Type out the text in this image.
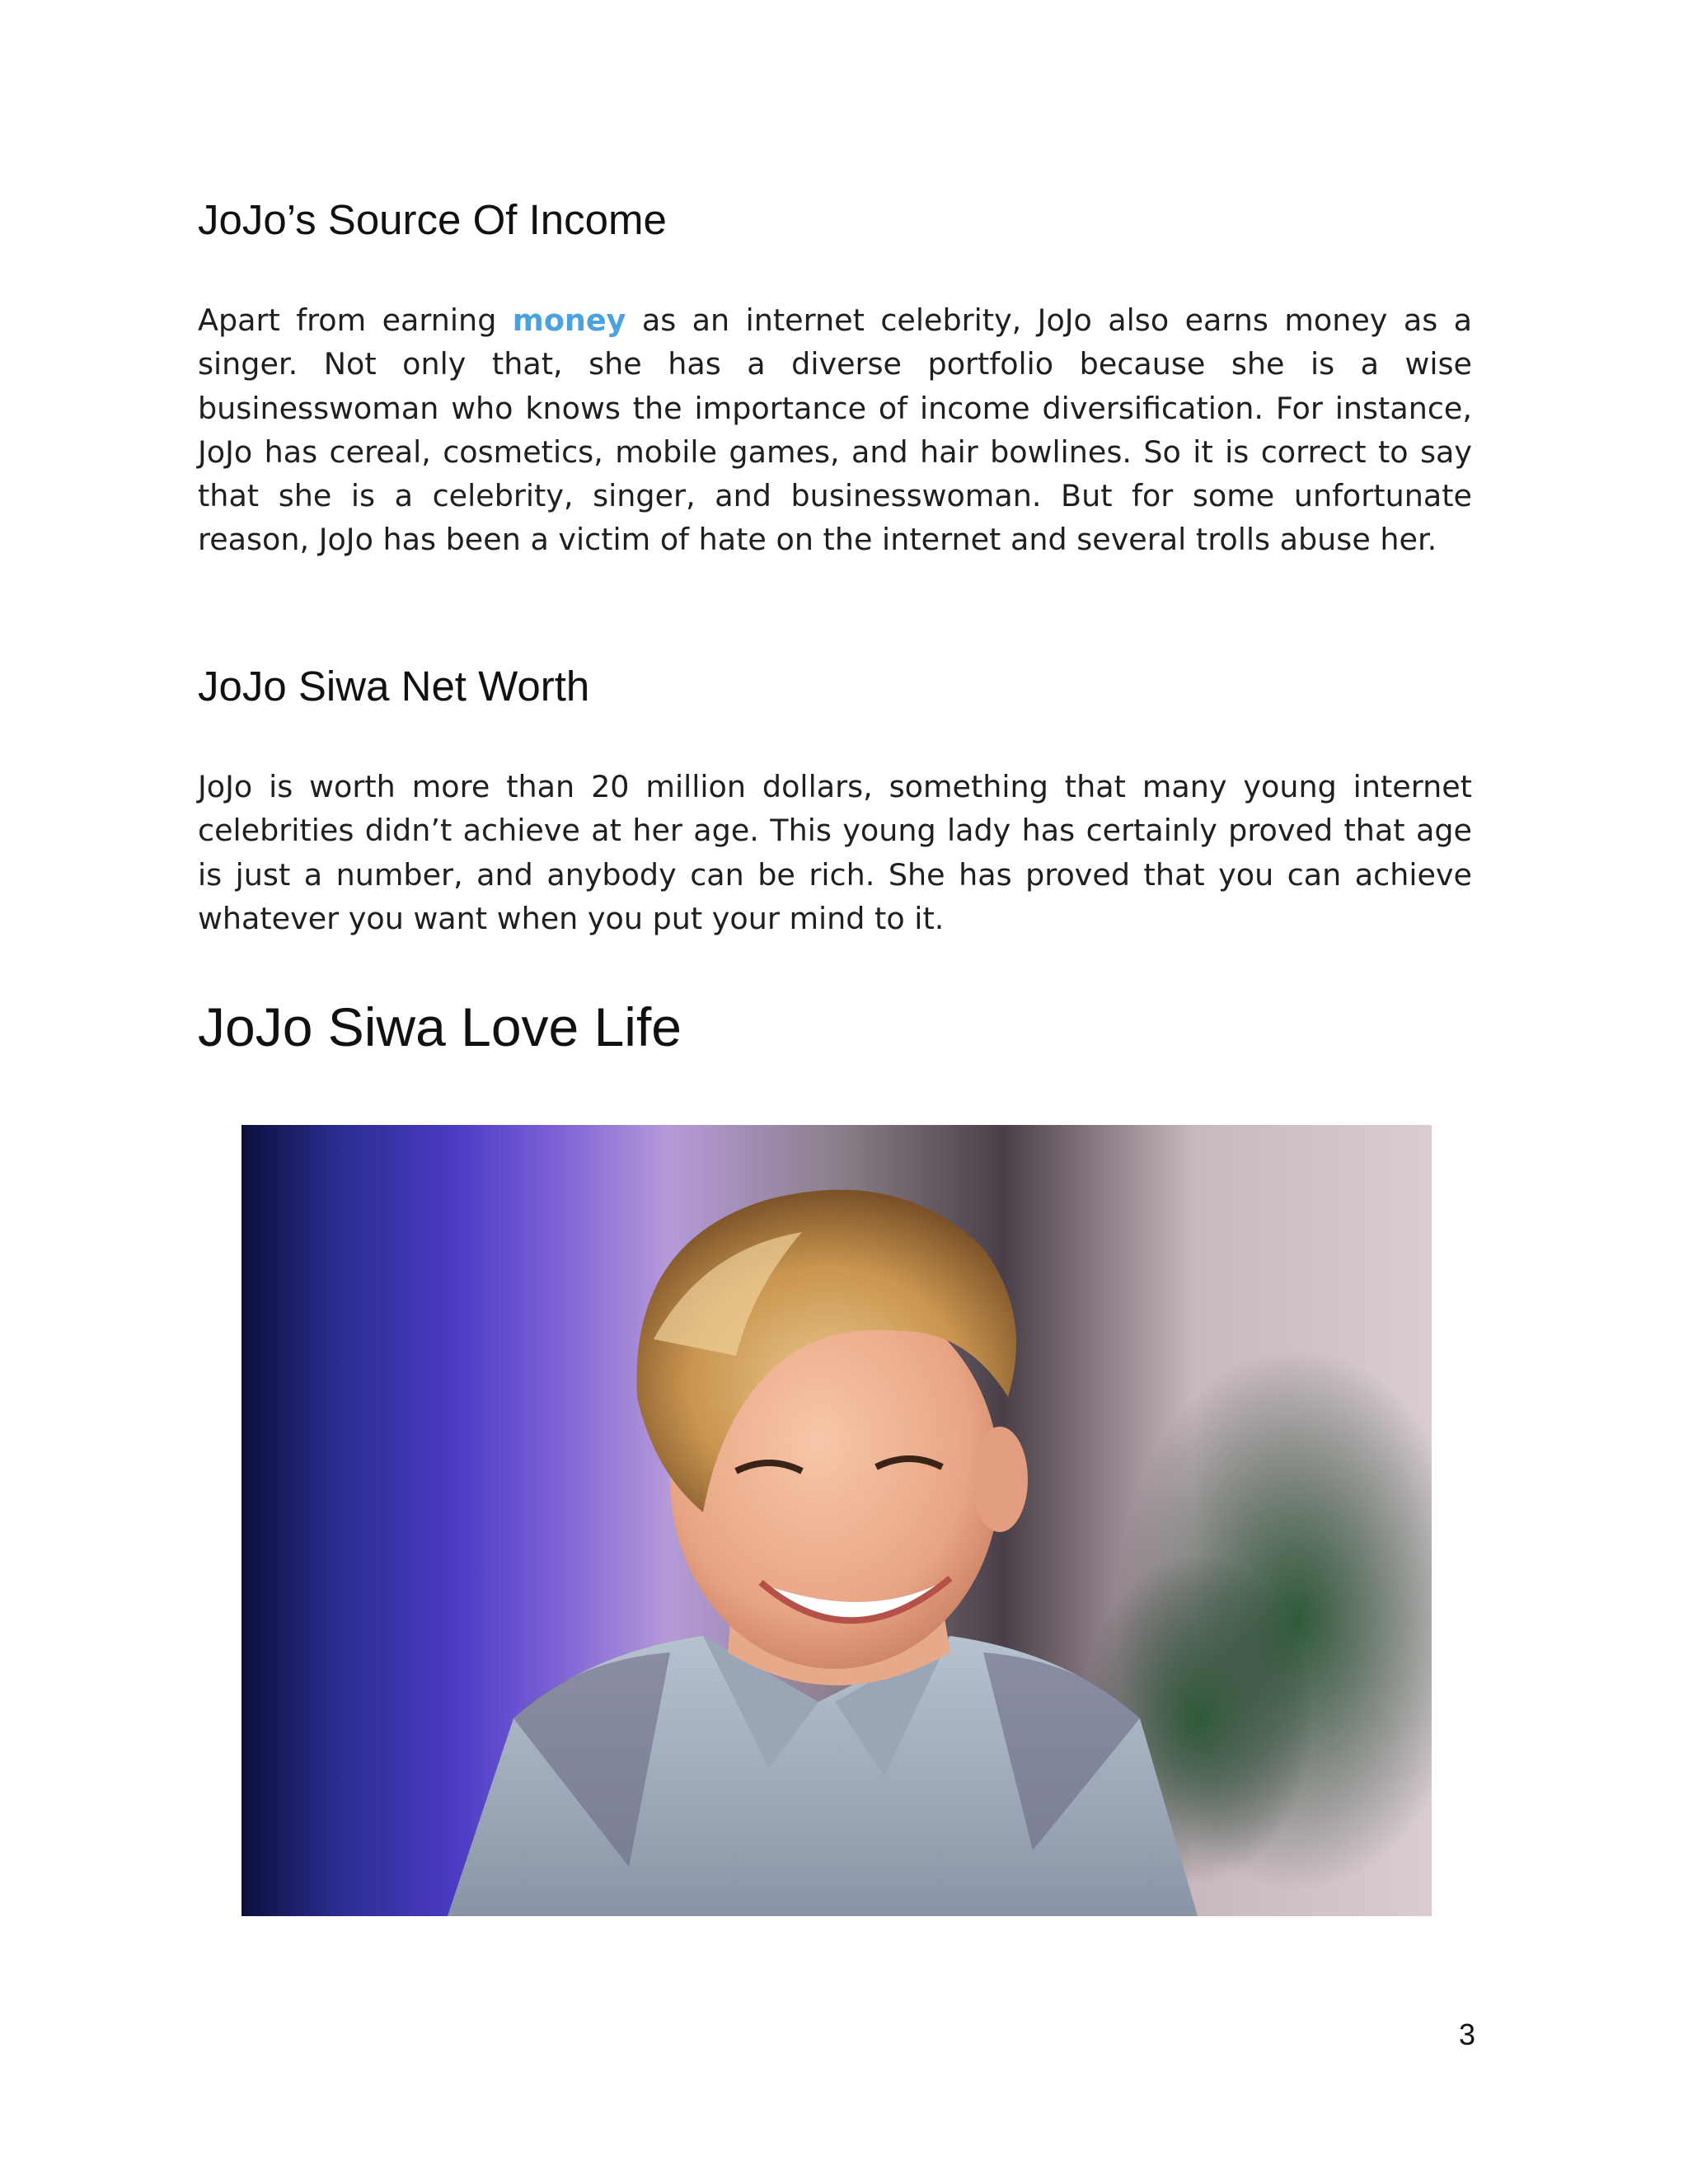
JoJo’s Source Of Income

Apart from earning money as an internet celebrity, JoJo also earns money as a singer. Not only that, she has a diverse portfolio because she is a wise businesswoman who knows the importance of income diversification. For instance, JoJo has cereal, cosmetics, mobile games, and hair bowlines. So it is correct to say that she is a celebrity, singer, and businesswoman. But for some unfortunate reason, JoJo has been a victim of hate on the internet and several trolls abuse her.

JoJo Siwa Net Worth

JoJo is worth more than 20 million dollars, something that many young internet celebrities didn’t achieve at her age. This young lady has certainly proved that age is just a number, and anybody can be rich. She has proved that you can achieve whatever you want when you put your mind to it.

JoJo Siwa Love Life
3
